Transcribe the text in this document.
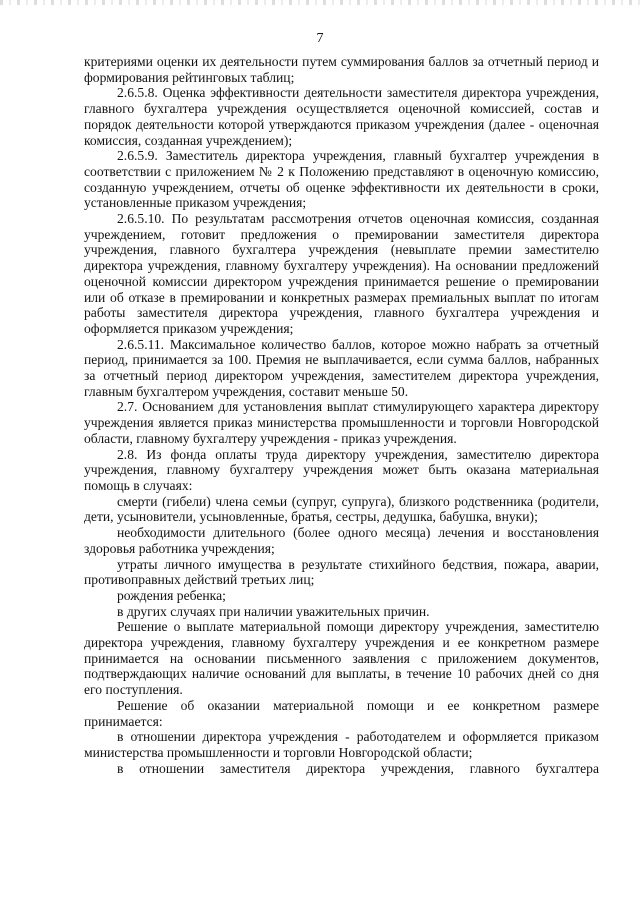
7

критериями оценки их деятельности путем суммирования баллов за отчетный период и формирования рейтинговых таблиц;

2.6.5.8. Оценка эффективности деятельности заместителя директора учреждения, главного бухгалтера учреждения осуществляется оценочной комиссией, состав и порядок деятельности которой утверждаются приказом учреждения (далее - оценочная комиссия, созданная учреждением);

2.6.5.9. Заместитель директора учреждения, главный бухгалтер учреждения в соответствии с приложением № 2 к Положению представляют в оценочную комиссию, созданную учреждением, отчеты об оценке эффективности их деятельности в сроки, установленные приказом учреждения;

2.6.5.10. По результатам рассмотрения отчетов оценочная комиссия, созданная учреждением, готовит предложения о премировании заместителя директора учреждения, главного бухгалтера учреждения (невыплате премии заместителю директора учреждения, главному бухгалтеру учреждения). На основании предложений оценочной комиссии директором учреждения принимается решение о премировании или об отказе в премировании и конкретных размерах премиальных выплат по итогам работы заместителя директора учреждения, главного бухгалтера учреждения и оформляется приказом учреждения;

2.6.5.11. Максимальное количество баллов, которое можно набрать за отчетный период, принимается за 100. Премия не выплачивается, если сумма баллов, набранных за отчетный период директором учреждения, заместителем директора учреждения, главным бухгалтером учреждения, составит меньше 50.

2.7. Основанием для установления выплат стимулирующего характера директору учреждения является приказ министерства промышленности и торговли Новгородской области, главному бухгалтеру учреждения - приказ учреждения.

2.8. Из фонда оплаты труда директору учреждения, заместителю директора учреждения, главному бухгалтеру учреждения может быть оказана материальная помощь в случаях:

смерти (гибели) члена семьи (супруг, супруга), близкого родственника (родители, дети, усыновители, усыновленные, братья, сестры, дедушка, бабушка, внуки);

необходимости длительного (более одного месяца) лечения и восстановления здоровья работника учреждения;

утраты личного имущества в результате стихийного бедствия, пожара, аварии, противоправных действий третьих лиц;

рождения ребенка;

в других случаях при наличии уважительных причин.

Решение о выплате материальной помощи директору учреждения, заместителю директора учреждения, главному бухгалтеру учреждения и ее конкретном размере принимается на основании письменного заявления с приложением документов, подтверждающих наличие оснований для выплаты, в течение 10 рабочих дней со дня его поступления.

Решение об оказании материальной помощи и ее конкретном размере принимается:

в отношении директора учреждения - работодателем и оформляется приказом министерства промышленности и торговли Новгородской области;

в отношении заместителя директора учреждения, главного бухгалтера
